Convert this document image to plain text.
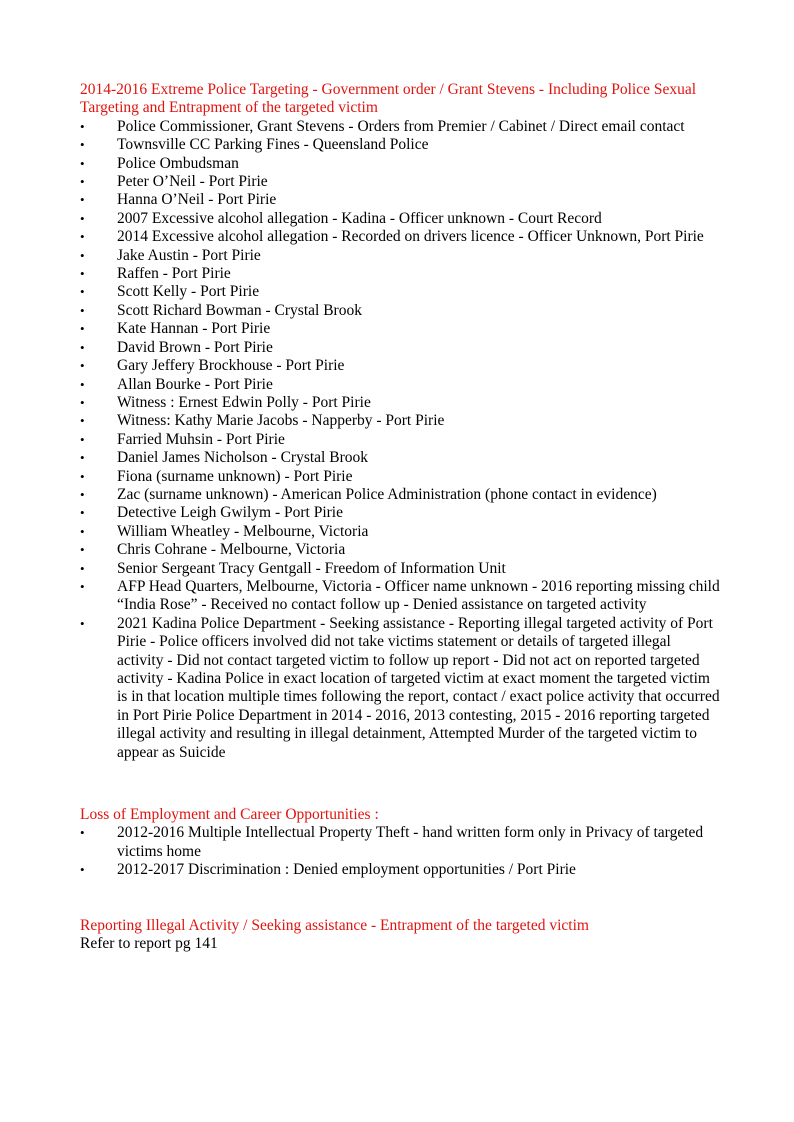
2014-2016 Extreme Police Targeting - Government order / Grant Stevens - Including Police Sexual Targeting and Entrapment of the targeted victim

• Police Commissioner, Grant Stevens - Orders from Premier / Cabinet / Direct email contact
• Townsville CC Parking Fines - Queensland Police
• Police Ombudsman
• Peter O’Neil - Port Pirie
• Hanna O’Neil - Port Pirie
• 2007 Excessive alcohol allegation - Kadina - Officer unknown - Court Record
• 2014 Excessive alcohol allegation - Recorded on drivers licence - Officer Unknown, Port Pirie
• Jake Austin - Port Pirie
• Raffen - Port Pirie
• Scott Kelly - Port Pirie
• Scott Richard Bowman - Crystal Brook
• Kate Hannan - Port Pirie
• David Brown - Port Pirie
• Gary Jeffery Brockhouse - Port Pirie
• Allan Bourke - Port Pirie
• Witness : Ernest Edwin Polly - Port Pirie
• Witness: Kathy Marie Jacobs - Napperby - Port Pirie
• Farried Muhsin - Port Pirie
• Daniel James Nicholson - Crystal Brook
• Fiona (surname unknown) - Port Pirie
• Zac (surname unknown) - American Police Administration (phone contact in evidence)
• Detective Leigh Gwilym - Port Pirie
• William Wheatley - Melbourne, Victoria
• Chris Cohrane - Melbourne, Victoria
• Senior Sergeant Tracy Gentgall - Freedom of Information Unit
• AFP Head Quarters, Melbourne, Victoria - Officer name unknown - 2016 reporting missing child “India Rose” - Received no contact follow up - Denied assistance on targeted activity
• 2021 Kadina Police Department - Seeking assistance - Reporting illegal targeted activity of Port Pirie - Police officers involved did not take victims statement or details of targeted illegal activity - Did not contact targeted victim to follow up report - Did not act on reported targeted activity - Kadina Police in exact location of targeted victim at exact moment the targeted victim is in that location multiple times following the report, contact / exact police activity that occurred in Port Pirie Police Department in 2014 - 2016, 2013 contesting, 2015 - 2016 reporting targeted illegal activity and resulting in illegal detainment, Attempted Murder of the targeted victim to appear as Suicide

Loss of Employment and Career Opportunities :

• 2012-2016 Multiple Intellectual Property Theft - hand written form only in Privacy of targeted victims home
• 2012-2017 Discrimination : Denied employment opportunities / Port Pirie

Reporting Illegal Activity / Seeking assistance - Entrapment of the targeted victim

Refer to report pg 141
